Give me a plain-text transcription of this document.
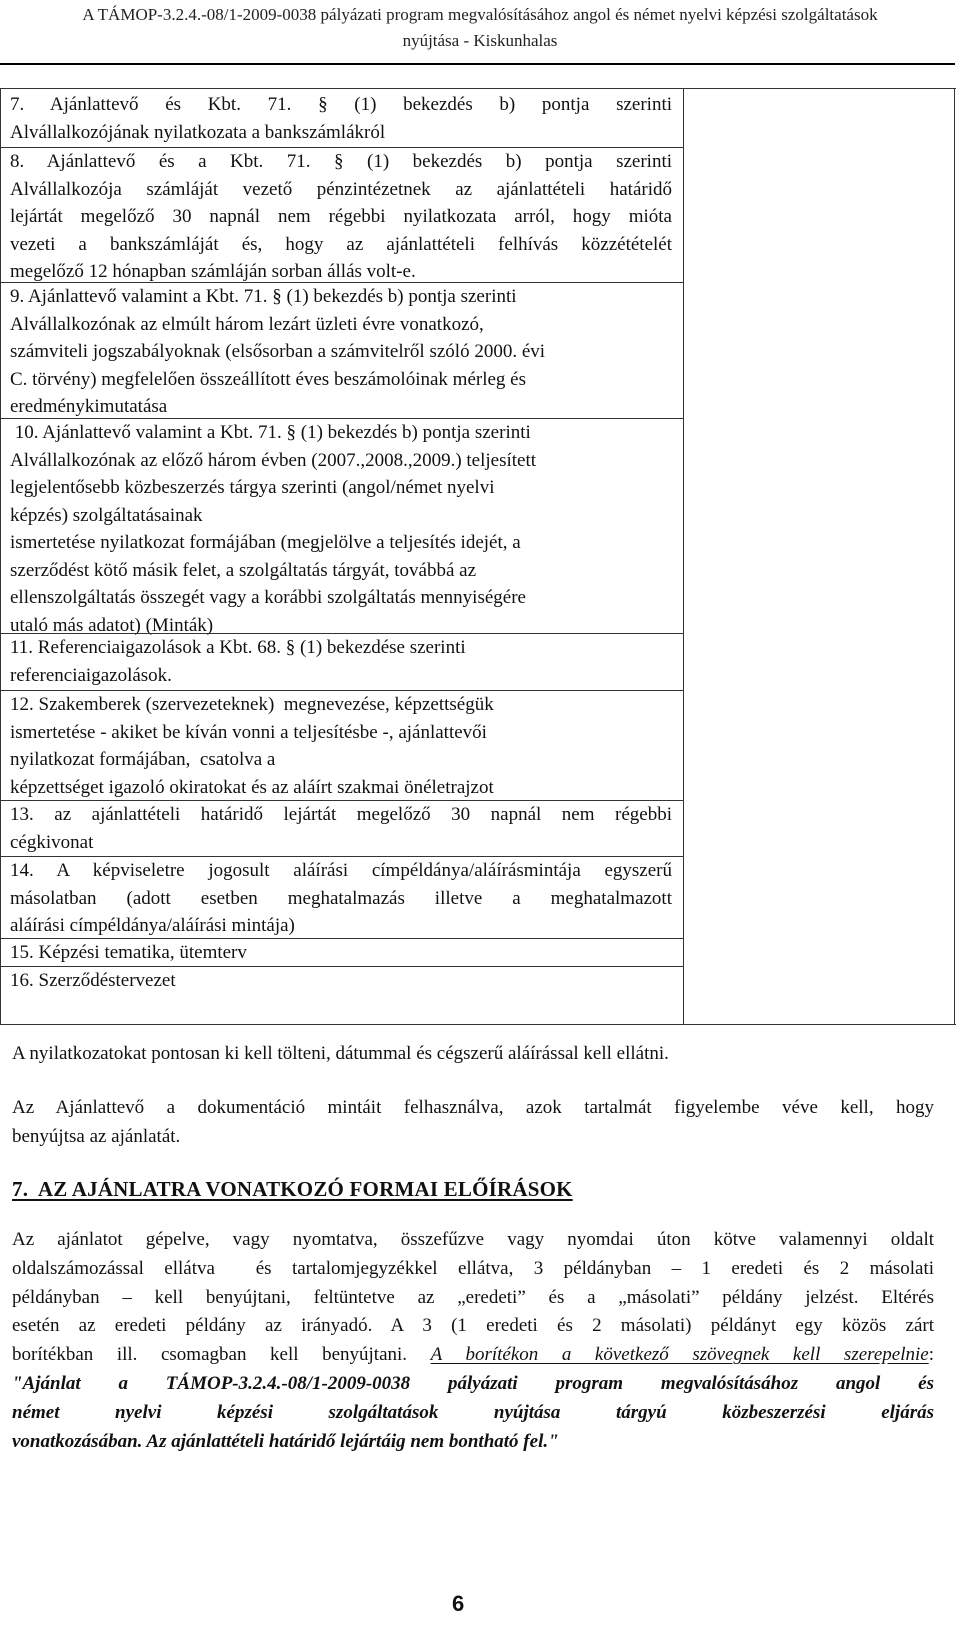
A TÁMOP-3.2.4.-08/1-2009-0038 pályázati program megvalósításához angol és német nyelvi képzési szolgáltatások
nyújtása - Kiskunhalas
7. Ajánlattevő és Kbt. 71. § (1) bekezdés b) pontja szerinti
Alvállalkozójának nyilatkozata a bankszámlákról
8. Ajánlattevő és a Kbt. 71. § (1) bekezdés b) pontja szerinti
Alvállalkozója számláját vezető pénzintézetnek az ajánlattételi határidő
lejártát megelőző 30 napnál nem régebbi nyilatkozata arról, hogy mióta
vezeti a bankszámláját és, hogy az ajánlattételi felhívás közzétételét
megelőző 12 hónapban számláján sorban állás volt-e.
9. Ajánlattevő valamint a Kbt. 71. § (1) bekezdés b) pontja szerinti
Alvállalkozónak az elmúlt három lezárt üzleti évre vonatkozó,
számviteli jogszabályoknak (elsősorban a számvitelről szóló 2000. évi
C. törvény) megfelelően összeállított éves beszámolóinak mérleg és
eredménykimutatása
10. Ajánlattevő valamint a Kbt. 71. § (1) bekezdés b) pontja szerinti
Alvállalkozónak az előző három évben (2007.,2008.,2009.) teljesített
legjelentősebb közbeszerzés tárgya szerinti (angol/német nyelvi
képzés) szolgáltatásainak
ismertetése nyilatkozat formájában (megjelölve a teljesítés idejét, a
szerződést kötő másik felet, a szolgáltatás tárgyát, továbbá az
ellenszolgáltatás összegét vagy a korábbi szolgáltatás mennyiségére
utaló más adatot) (Minták)
11. Referenciaigazolások a Kbt. 68. § (1) bekezdése szerinti
referenciaigazolások.
12. Szakemberek (szervezeteknek)  megnevezése, képzettségük
ismertetése - akiket be kíván vonni a teljesítésbe -, ajánlattevői
nyilatkozat formájában,  csatolva a
képzettséget igazoló okiratokat és az aláírt szakmai önéletrajzot
13. az ajánlattételi határidő lejártát megelőző 30 napnál nem régebbi
cégkivonat
14. A képviseletre jogosult aláírási címpéldánya/aláírásmintája egyszerű
másolatban (adott esetben meghatalmazás illetve a meghatalmazott
aláírási címpéldánya/aláírási mintája)
15. Képzési tematika, ütemterv
16. Szerződéstervezet
A nyilatkozatokat pontosan ki kell tölteni, dátummal és cégszerű aláírással kell ellátni.
Az Ajánlattevő a dokumentáció mintáit felhasználva, azok tartalmát figyelembe véve kell, hogy
benyújtsa az ajánlatát.
7.  AZ AJÁNLATRA VONATKOZÓ FORMAI ELŐÍRÁSOK
Az ajánlatot gépelve, vagy nyomtatva, összefűzve vagy nyomdai úton kötve valamennyi oldalt
oldalszámozással ellátva  és tartalomjegyzékkel ellátva, 3 példányban – 1 eredeti és 2 másolati
példányban – kell benyújtani, feltüntetve az „eredeti” és a „másolati” példány jelzést. Eltérés
esetén az eredeti példány az irányadó. A 3 (1 eredeti és 2 másolati) példányt egy közös zárt
borítékban ill. csomagban kell benyújtani. A borítékon a következő szövegnek kell szerepelnie:
"Ajánlat a TÁMOP-3.2.4.-08/1-2009-0038 pályázati program megvalósításához angol és
német  nyelvi  képzési  szolgáltatások  nyújtása  tárgyú  közbeszerzési  eljárás
vonatkozásában. Az ajánlattételi határidő lejártáig nem bontható fel."
6
